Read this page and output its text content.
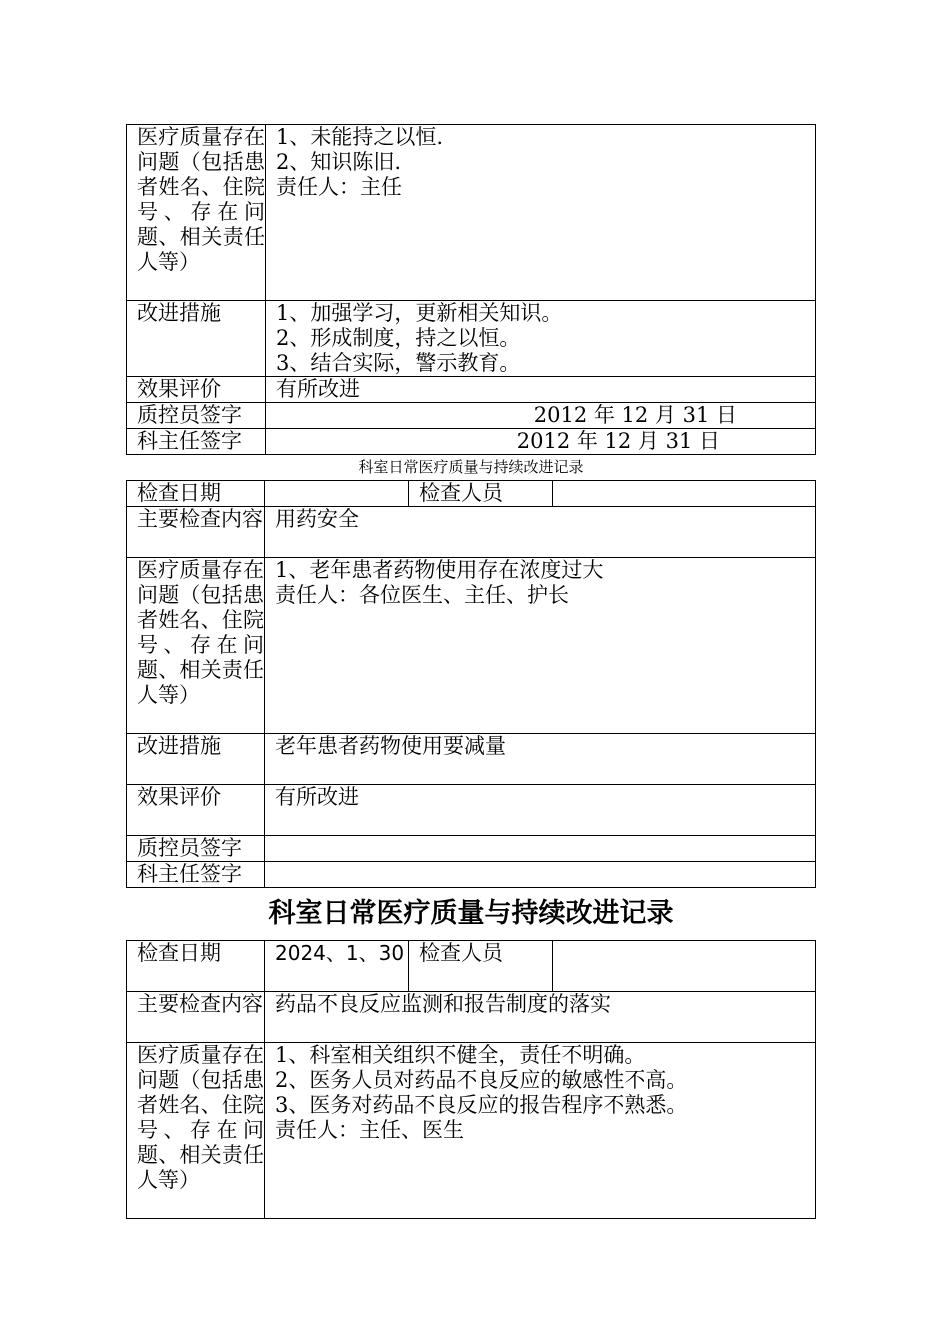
医疗质量存在问题（包括患者姓名、住院号、存在问题、相关责任人等）	1、未能持之以恒.
2、知识陈旧.
责任人：主任

改进措施	1、加强学习，更新相关知识。
2、形成制度，持之以恒。
3、结合实际，警示教育。

效果评价	有所改进
质控员签字	2012 年 12 月 31 日
科主任签字	2012 年 12 月 31 日
科室日常医疗质量与持续改进记录
检查日期		检查人员	
主要检查内容	用药安全		
医疗质量存在问题（包括患者姓名、住院号、存在问题、相关责任人等）	1、老年患者药物使用存在浓度过大
责任人：各位医生、主任、护长		

改进措施	老年患者药物使用要减量		
效果评价	有所改进		
质控员签字			
科主任签字			
科室日常医疗质量与持续改进记录
检查日期	2024、1、30	检查人员	
主要检查内容	药品不良反应监测和报告制度的落实		
医疗质量存在问题（包括患者姓名、住院号、存在问题、相关责任人等）	1、科室相关组织不健全，责任不明确。
2、医务人员对药品不良反应的敏感性不高。
3、医务对药品不良反应的报告程序不熟悉。
责任人：主任、医生		
